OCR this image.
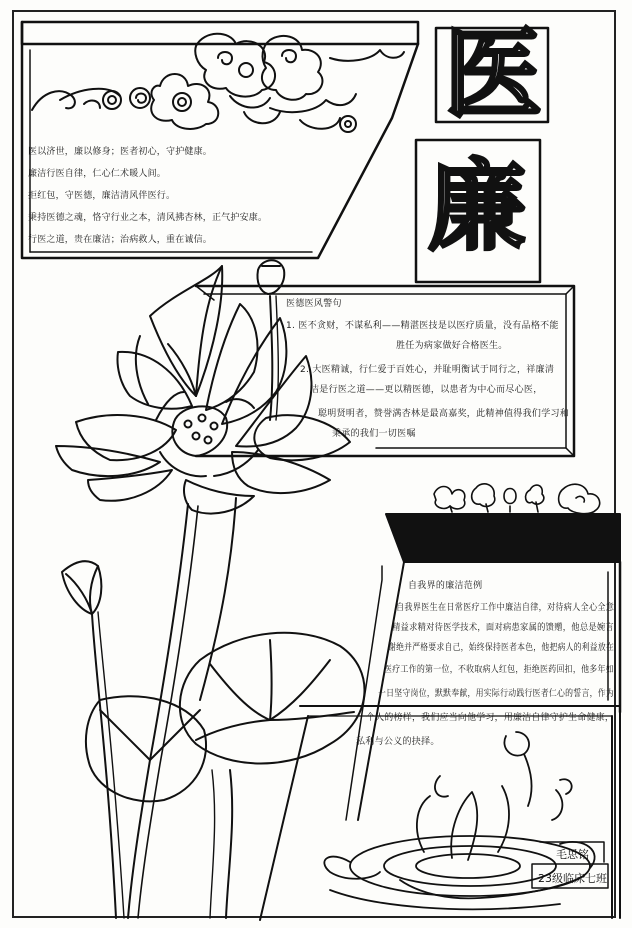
医
廉
医以济世，廉以修身；医者初心，守护健康。
廉洁行医自律，仁心仁术暖人间。
拒红包，守医德，廉洁清风伴医行。
秉持医德之魂，恪守行业之本，清风拂杏林，正气护安康。
行医之道，贵在廉洁；治病救人，重在诚信。
医德医风警句
1. 医不贪财，不谋私利——精湛医技是以医疗质量，没有品格不能
胜任为病家做好合格医生。
2. 大医精诚，行仁爱于百姓心，并耻明衡试于同行之，祥廉清
洁是行医之道——更以精医德，以患者为中心而尽心医，
聪明贤明者，赞誉满杏林是最高嘉奖，此精神值得我们学习和
秉承的我们一切医嘱
自我界的廉洁范例
自我界医生在日常医疗工作中廉洁自律，对待病人全心全意
精益求精对待医学技术，面对病患家属的馈赠，他总是婉言
谢绝并严格要求自己，始终保持医者本色，他把病人的利益放在
医疗工作的第一位，不收取病人红包，拒绝医药回扣，他多年如
一日坚守岗位，默默奉献，用实际行动践行医者仁心的誓言，作为
个人的榜样，我们应当向他学习，用廉洁自律守护生命健康，
私利与公义的抉择。
毛思铭
23级临床七班
